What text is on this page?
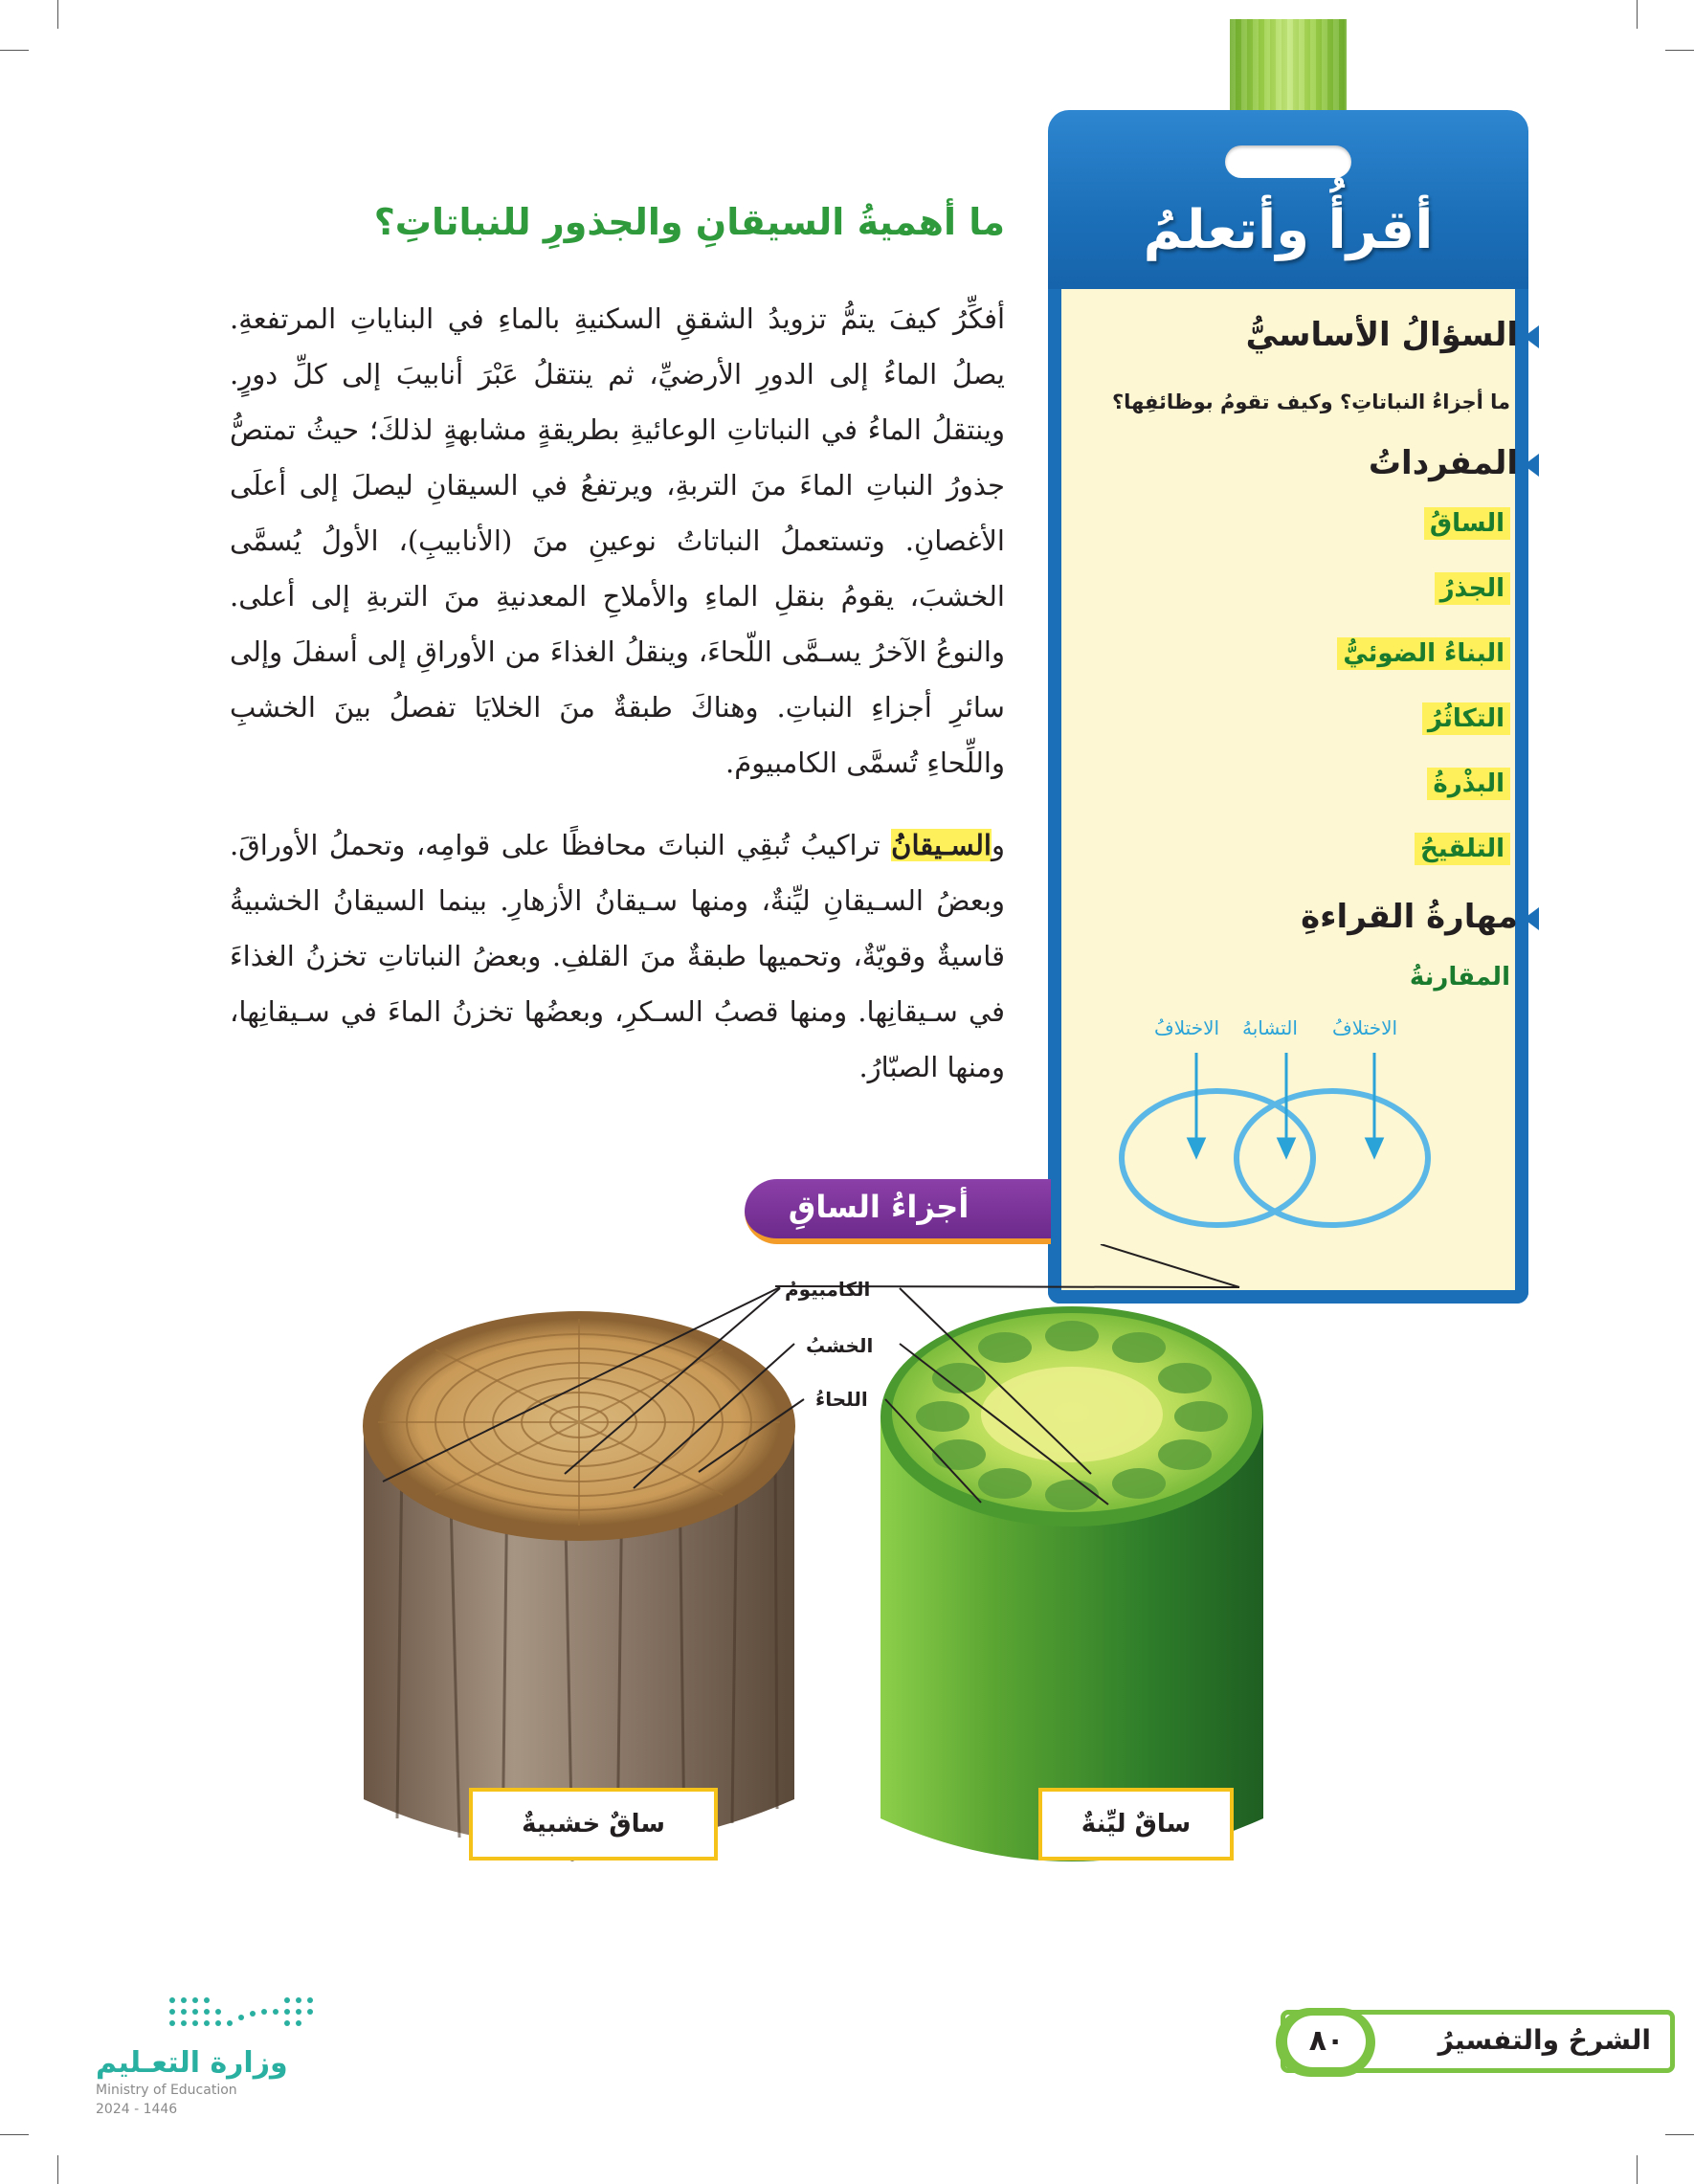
أقرأُ وأتعلمُ
السؤالُ الأساسيُّ
ما أجزاءُ النباتاتِ؟ وكيف تقومُ بوظائفِها؟
المفرداتُ
الساقُ
الجذرُ
البناءُ الضوئيُّ
التكاثُرُ
البذْرةُ
التلقيحُ
مهارةُ القراءةِ
المقارنةُ
الاختلافُ
التشابهُ
الاختلافُ
ما أهميةُ السيقانِ والجذورِ للنباتاتِ؟
أفكِّرُ كيفَ يتمُّ تزويدُ الشققِ السكنيةِ بالماءِ في البناياتِ المرتفعةِ. يصلُ الماءُ إلى الدورِ الأرضيِّ، ثم ينتقلُ عَبْرَ أنابيبَ إلى كلِّ دورٍ. وينتقلُ الماءُ في النباتاتِ الوعائيةِ بطريقةٍ مشابهةٍ لذلكَ؛ حيثُ تمتصُّ جذورُ النباتِ الماءَ منَ التربةِ، ويرتفعُ في السيقانِ ليصلَ إلى أعلَى الأغصانِ. وتستعملُ النباتاتُ نوعينِ منَ (الأنابيبِ)، الأولُ يُسمَّى الخشبَ، يقومُ بنقلِ الماءِ والأملاحِ المعدنيةِ منَ التربةِ إلى أعلى. والنوعُ الآخرُ يسـمَّى اللّحاءَ، وينقلُ الغذاءَ من الأوراقِ إلى أسفلَ وإلى سائرِ أجزاءِ النباتِ. وهناكَ طبقةٌ منَ الخلايَا تفصلُ بينَ الخشبِ واللِّحاءِ تُسمَّى الكامبيومَ.
والسـيقانُ تراكيبُ تُبقِي النباتَ محافظًا على قوامِه، وتحملُ الأوراقَ. وبعضُ السـيقانِ ليِّنةٌ، ومنها سـيقانُ الأزهارِ. بينما السيقانُ الخشبيةُ قاسيةٌ وقويّةٌ، وتحميها طبقةٌ منَ القلفِ. وبعضُ النباتاتِ تخزنُ الغذاءَ في سـيقانِها. ومنها قصبُ السـكرِ، وبعضُها تخزنُ الماءَ في سـيقانِها، ومنها الصبّارُ.
أجزاءُ الساقِ
الكامبيومُ
الخشبُ
اللحاءُ
ساقٌ خشبيةٌ	ساقٌ ليِّنةٌ
٨٠	الشرحُ والتفسيرُ
وزارة التعـليم
Ministry of Education
2024 - 1446
